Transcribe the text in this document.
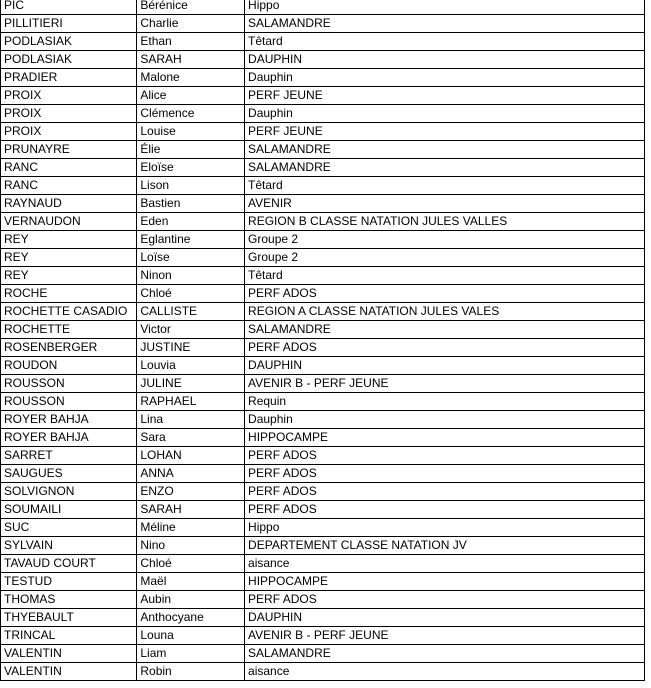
PIC	Bérénice	Hippo
PILLITIERI	Charlie	SALAMANDRE
PODLASIAK	Ethan	Têtard
PODLASIAK	SARAH	DAUPHIN
PRADIER	Malone	Dauphin
PROIX	Alice	PERF JEUNE
PROIX	Clémence	Dauphin
PROIX	Louise	PERF JEUNE
PRUNAYRE	Élie	SALAMANDRE
RANC	Eloïse	SALAMANDRE
RANC	Lison	Têtard
RAYNAUD	Bastien	AVENIR
VERNAUDON	Eden	REGION B CLASSE NATATION JULES VALLES
REY	Eglantine	Groupe 2
REY	Loïse	Groupe 2
REY	Ninon	Têtard
ROCHE	Chloé	PERF ADOS
ROCHETTE CASADIO	CALLISTE	REGION A CLASSE NATATION JULES VALES
ROCHETTE	Victor	SALAMANDRE
ROSENBERGER	JUSTINE	PERF ADOS
ROUDON	Louvia	DAUPHIN
ROUSSON	JULINE	AVENIR B - PERF JEUNE
ROUSSON	RAPHAEL	Requin
ROYER BAHJA	Lina	Dauphin
ROYER BAHJA	Sara	HIPPOCAMPE
SARRET	LOHAN	PERF ADOS
SAUGUES	ANNA	PERF ADOS
SOLVIGNON	ENZO	PERF ADOS
SOUMAILI	SARAH	PERF ADOS
SUC	Méline	Hippo
SYLVAIN	Nino	DEPARTEMENT CLASSE NATATION JV
TAVAUD COURT	Chloé	aisance
TESTUD	Maël	HIPPOCAMPE
THOMAS	Aubin	PERF ADOS
THYEBAULT	Anthocyane	DAUPHIN
TRINCAL	Louna	AVENIR B - PERF JEUNE
VALENTIN	Liam	SALAMANDRE
VALENTIN	Robin	aisance
